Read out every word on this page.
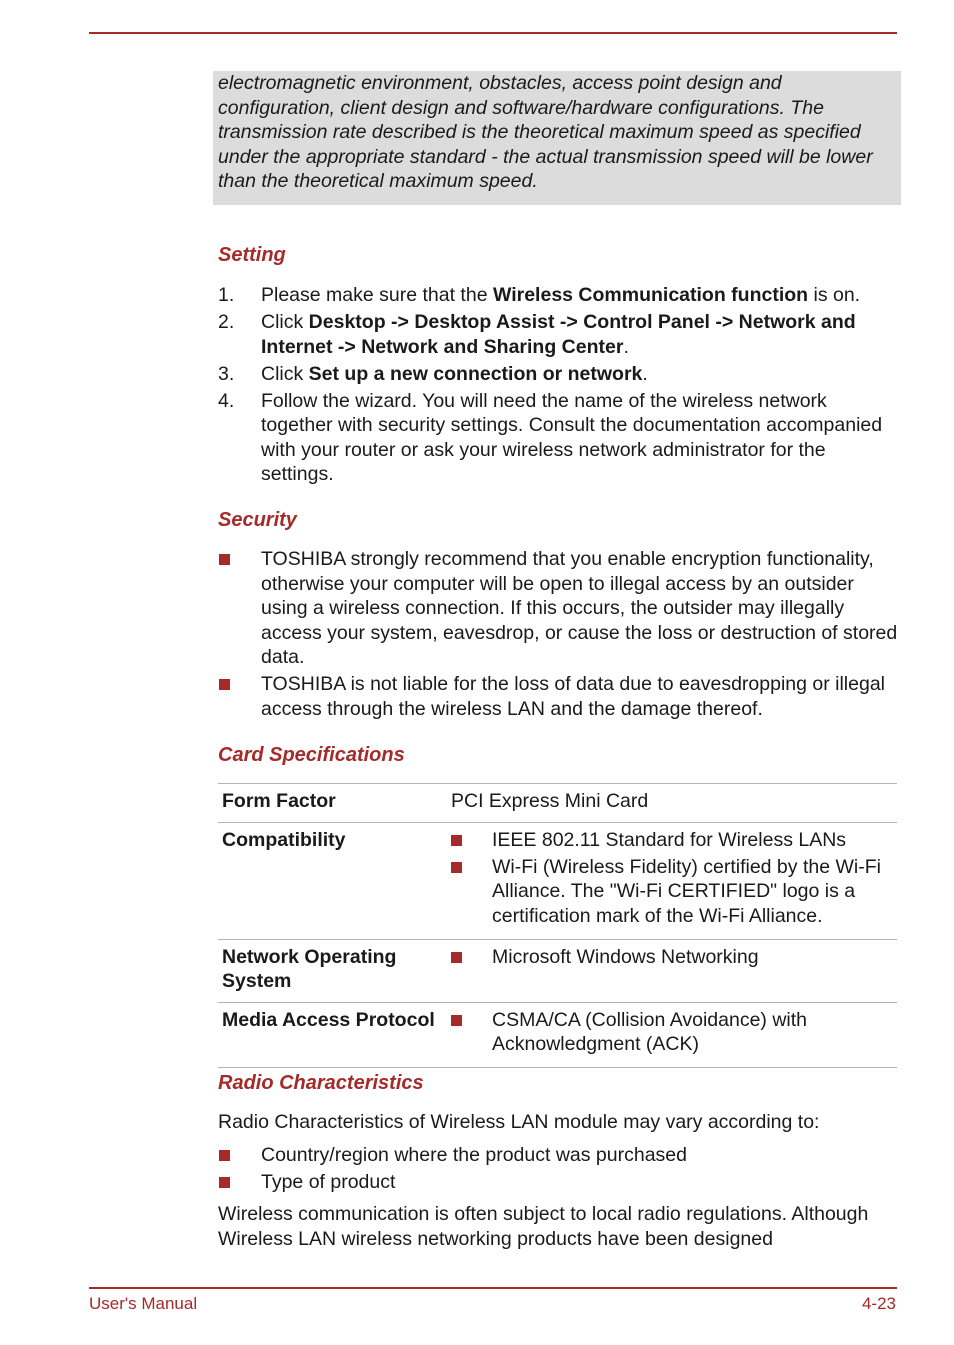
electromagnetic environment, obstacles, access point design and configuration, client design and software/hardware configurations. The transmission rate described is the theoretical maximum speed as specified under the appropriate standard - the actual transmission speed will be lower than the theoretical maximum speed.
Setting
1. Please make sure that the Wireless Communication function is on.
2. Click Desktop -> Desktop Assist -> Control Panel -> Network and Internet -> Network and Sharing Center.
3. Click Set up a new connection or network.
4. Follow the wizard. You will need the name of the wireless network together with security settings. Consult the documentation accompanied with your router or ask your wireless network administrator for the settings.
Security
TOSHIBA strongly recommend that you enable encryption functionality, otherwise your computer will be open to illegal access by an outsider using a wireless connection. If this occurs, the outsider may illegally access your system, eavesdrop, or cause the loss or destruction of stored data.
TOSHIBA is not liable for the loss of data due to eavesdropping or illegal access through the wireless LAN and the damage thereof.
Card Specifications
Form Factor	PCI Express Mini Card
Compatibility	IEEE 802.11 Standard for Wireless LANs
Wi-Fi (Wireless Fidelity) certified by the Wi-Fi Alliance. The "Wi-Fi CERTIFIED" logo is a certification mark of the Wi-Fi Alliance.

Network Operating System	Microsoft Windows Networking

Media Access Protocol	CSMA/CA (Collision Avoidance) with Acknowledgment (ACK)
Radio Characteristics
Radio Characteristics of Wireless LAN module may vary according to:
Country/region where the product was purchased
Type of product
Wireless communication is often subject to local radio regulations. Although Wireless LAN wireless networking products have been designed
User's Manual	4-23
